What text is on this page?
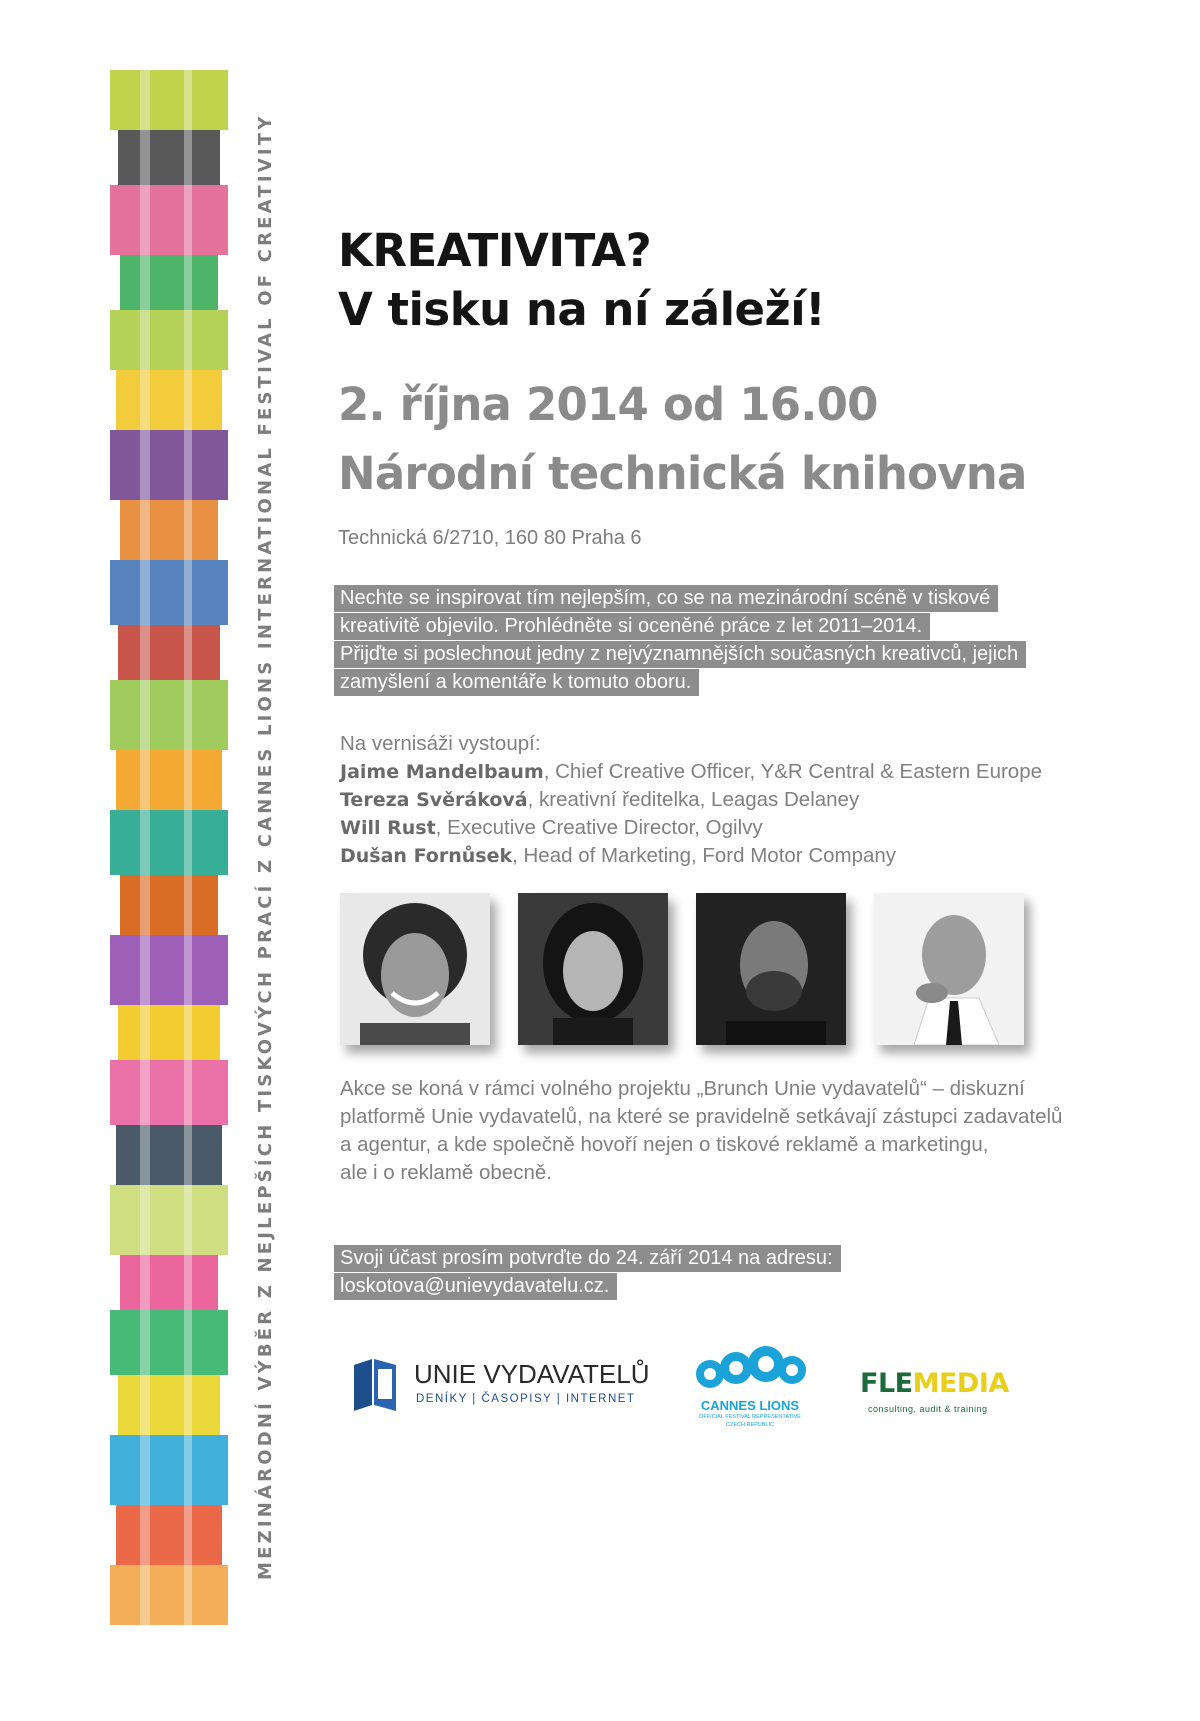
MEZINÁRODNÍ VÝBĚR Z NEJLEPŠÍCH TISKOVÝCH PRACÍ Z CANNES LIONS INTERNATIONAL FESTIVAL OF CREATIVITY KREATIVITA?
V tisku na ní záleží!
2. října 2014 od 16.00
Národní technická knihovna
Technická 6/2710, 160 80 Praha 6
Nechte se inspirovat tím nejlepším, co se na mezinárodní scéně v tiskové
kreativitě objevilo. Prohlédněte si oceněné práce z let 2011–2014.
Přijďte si poslechnout jedny z nejvýznamnějších současných kreativců, jejich
zamyšlení a komentáře k tomuto oboru.
Na vernisáži vystoupí:
Jaime Mandelbaum, Chief Creative Officer, Y&R Central & Eastern Europe
Tereza Svěráková, kreativní ředitelka, Leagas Delaney
Will Rust, Executive Creative Director, Ogilvy
Dušan Fornůsek, Head of Marketing, Ford Motor Company
Akce se koná v rámci volného projektu „Brunch Unie vydavatelů“ – diskuzní
platformě Unie vydavatelů, na které se pravidelně setkávají zástupci zadavatelů
a agentur, a kde společně hovoří nejen o tiskové reklamě a marketingu,
ale i o reklamě obecně.
Svoji účast prosím potvrďte do 24. září 2014 na adresu:
loskotova@unievydavatelu.cz.
UNIE VYDAVATELŮ
DENÍKY | ČASOPISY | INTERNET	CANNES LIONS
OFFICIAL FESTIVAL REPRESENTATIVE
CZECH REPUBLIC
FLEMEDIA
consulting, audit & training
